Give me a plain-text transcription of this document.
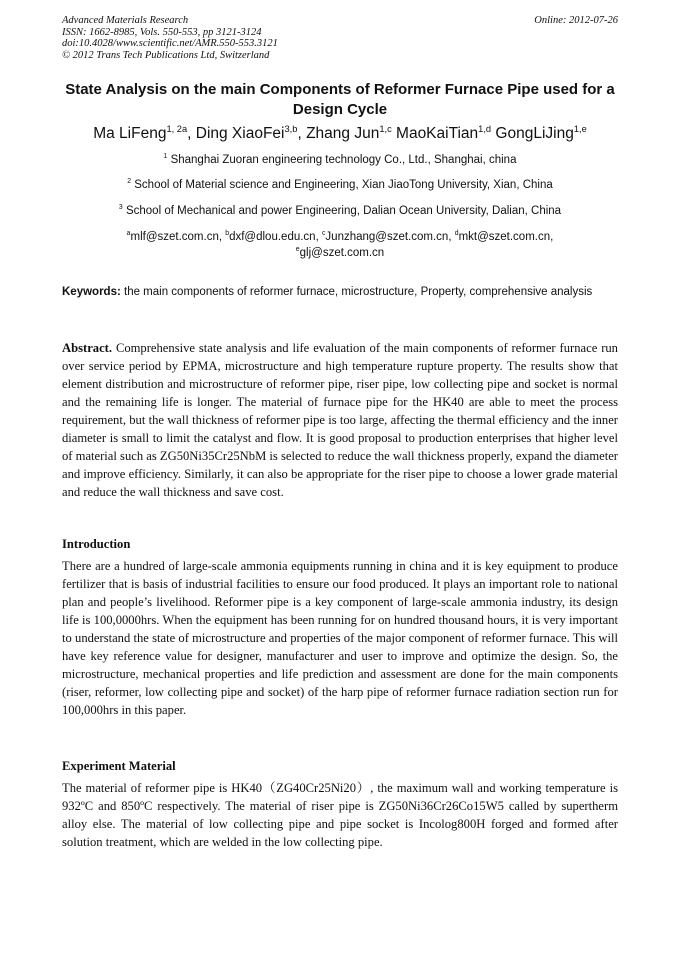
Advanced Materials Research	Online: 2012-07-26
ISSN: 1662-8985, Vols. 550-553, pp 3121-3124
doi:10.4028/www.scientific.net/AMR.550-553.3121
© 2012 Trans Tech Publications Ltd, Switzerland
State Analysis on the main Components of Reformer Furnace Pipe used for a Design Cycle
Ma LiFeng$^{1, 2a}$, Ding XiaoFei$^{3,b}$, Zhang Jun$^{1,c}$ MaoKaiTian$^{1,d}$ GongLiJing$^{1,e}$
$^1$ Shanghai Zuoran engineering technology Co., Ltd., Shanghai, china
$^2$ School of Material science and Engineering, Xian JiaoTong University, Xian, China
$^3$ School of Mechanical and power Engineering, Dalian Ocean University, Dalian, China
$^a$mlf@szet.com.cn, $^b$dxf@dlou.edu.cn, $^c$Junzhang@szet.com.cn, $^d$mkt@szet.com.cn,
$^e$glj@szet.com.cn
Keywords: the main components of reformer furnace, microstructure, Property, comprehensive analysis
Abstract. Comprehensive state analysis and life evaluation of the main components of reformer furnace run over service period by EPMA, microstructure and high temperature rupture property. The results show that element distribution and microstructure of reformer pipe, riser pipe, low collecting pipe and socket is normal and the remaining life is longer. The material of furnace pipe for the HK40 are able to meet the process requirement, but the wall thickness of reformer pipe is too large, affecting the thermal efficiency and the inner diameter is small to limit the catalyst and flow. It is good proposal to production enterprises that higher level of material such as ZG50Ni35Cr25NbM is selected to reduce the wall thickness properly, expand the diameter and improve efficiency. Similarly, it can also be appropriate for the riser pipe to choose a lower grade material and reduce the wall thickness and save cost.
Introduction
There are a hundred of large-scale ammonia equipments running in china and it is key equipment to produce fertilizer that is basis of industrial facilities to ensure our food produced. It plays an important role to national plan and people’s livelihood. Reformer pipe is a key component of large-scale ammonia industry, its design life is 100,0000hrs. When the equipment has been running for on hundred thousand hours, it is very important to understand the state of microstructure and properties of the major component of reformer furnace. This will have key reference value for designer, manufacturer and user to improve and optimize the design. So, the microstructure, mechanical properties and life prediction and assessment are done for the main components (riser, reformer, low collecting pipe and socket) of the harp pipe of reformer furnace radiation section run for 100,000hrs in this paper.
Experiment Material
The material of reformer pipe is HK40（ZG40Cr25Ni20）, the maximum wall and working temperature is 932ºC and 850ºC respectively. The material of riser pipe is ZG50Ni36Cr26Co15W5 called by supertherm alloy else. The material of low collecting pipe and pipe socket is Incolog800H forged and formed after solution treatment, which are welded in the low collecting pipe.
